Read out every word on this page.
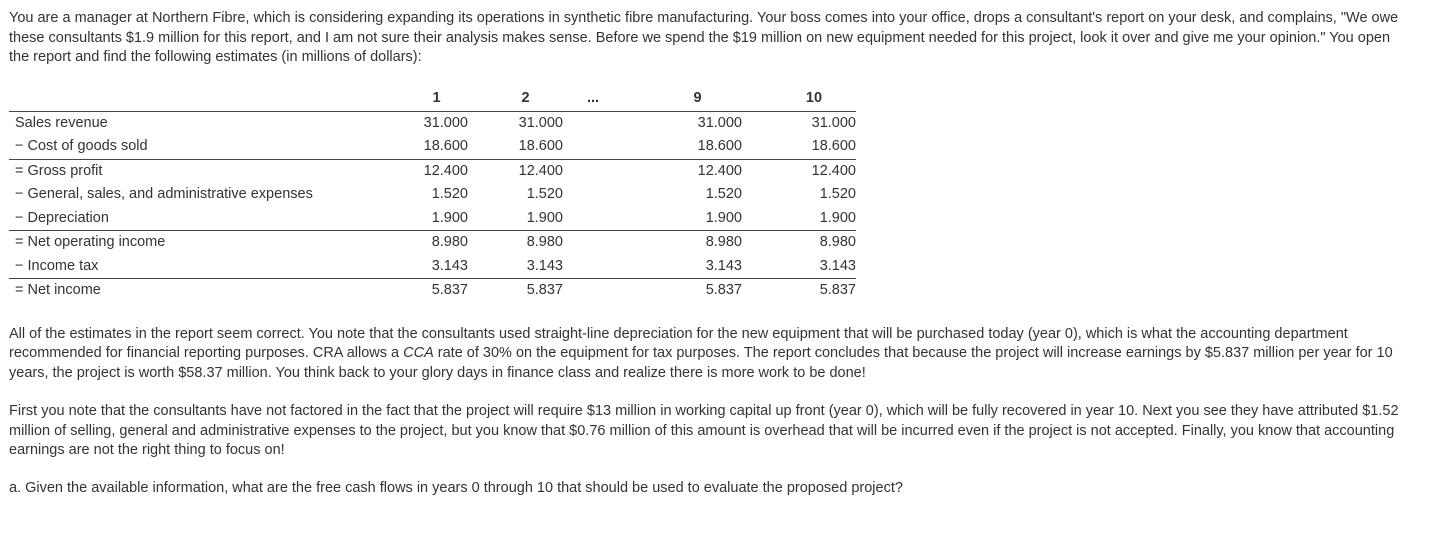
You are a manager at Northern Fibre, which is considering expanding its operations in synthetic fibre manufacturing. Your boss comes into your office, drops a consultant's report on your desk, and complains, "We owe these consultants $1.9 million for this report, and I am not sure their analysis makes sense. Before we spend the $19 million on new equipment needed for this project, look it over and give me your opinion." You open the report and find the following estimates (in millions of dollars):

	1	2	...	9	10
Sales revenue	31.000	31.000		31.000	31.000
− Cost of goods sold	18.600	18.600		18.600	18.600
= Gross profit	12.400	12.400		12.400	12.400
− General, sales, and administrative expenses	1.520	1.520		1.520	1.520
− Depreciation	1.900	1.900		1.900	1.900
= Net operating income	8.980	8.980		8.980	8.980
− Income tax	3.143	3.143		3.143	3.143
= Net income	5.837	5.837		5.837	5.837

All of the estimates in the report seem correct. You note that the consultants used straight-line depreciation for the new equipment that will be purchased today (year 0), which is what the accounting department recommended for financial reporting purposes. CRA allows a CCA rate of 30% on the equipment for tax purposes. The report concludes that because the project will increase earnings by $5.837 million per year for 10 years, the project is worth $58.37 million. You think back to your glory days in finance class and realize there is more work to be done!

First you note that the consultants have not factored in the fact that the project will require $13 million in working capital up front (year 0), which will be fully recovered in year 10. Next you see they have attributed $1.52 million of selling, general and administrative expenses to the project, but you know that $0.76 million of this amount is overhead that will be incurred even if the project is not accepted. Finally, you know that accounting earnings are not the right thing to focus on!

a. Given the available information, what are the free cash flows in years 0 through 10 that should be used to evaluate the proposed project?
